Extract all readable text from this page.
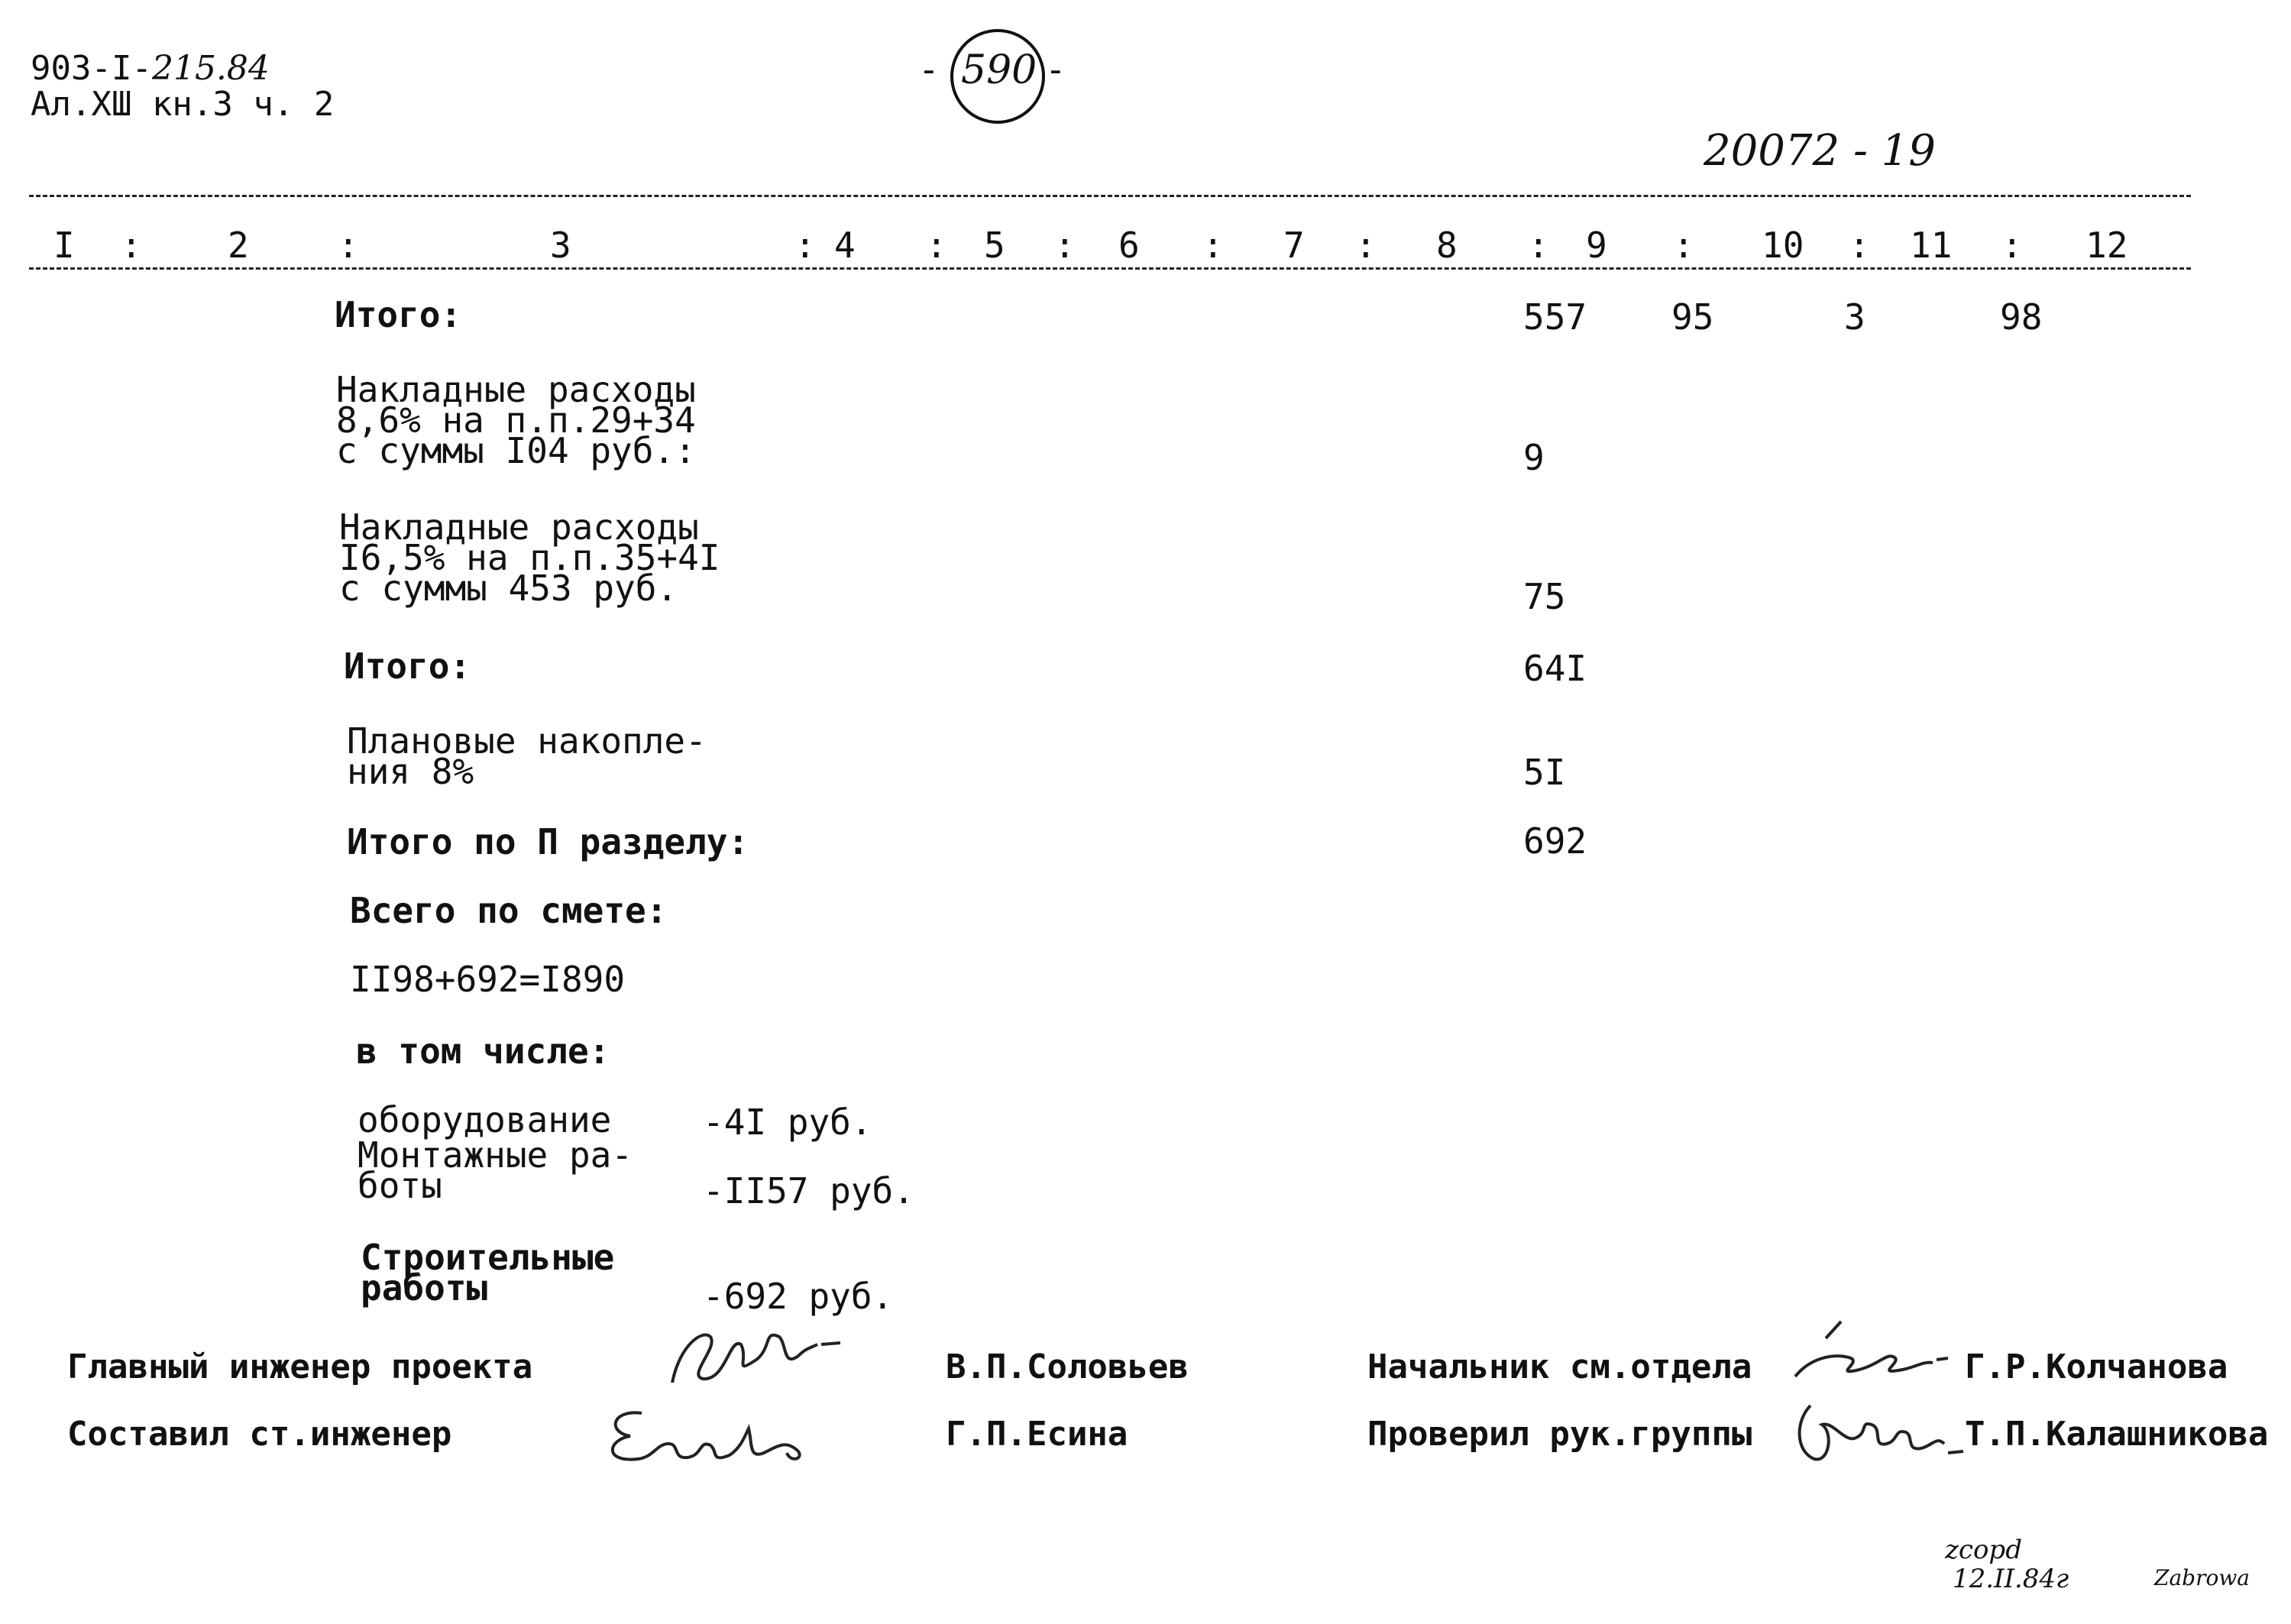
903-I-215.84
Ал.ХШ кн.3 ч. 2
- 590 -
20072 - 19
I : 2	:	3	: 4 : 5 : 6 : 7 : 8 : 9 : 10 : 11 : 12
Итого:	557 95	3	98
Накладные расходы
8,6% на п.п.29+34
с суммы I04 руб.:	9
Накладные расходы
I6,5% на п.п.35+4I
с суммы 453 руб.	75
Итого:	64I
Плановые накопле-
ния 8%	5I
Итого по П разделу:	692
Всего по смете:
II98+692=I890
в том числе:
оборудование	-4I руб.
Монтажные ра-
боты	-II57 руб.
Строительные
работы	-692 руб.
Главный инженер проекта	В.П.Соловьев
Составил ст.инженер	Г.П.Есина
Начальник см.отдела	Г.Р.Колчанова
Проверил рук.группы	Т.П.Калашникова
zcopd
12.II.84г	Zabrowa
